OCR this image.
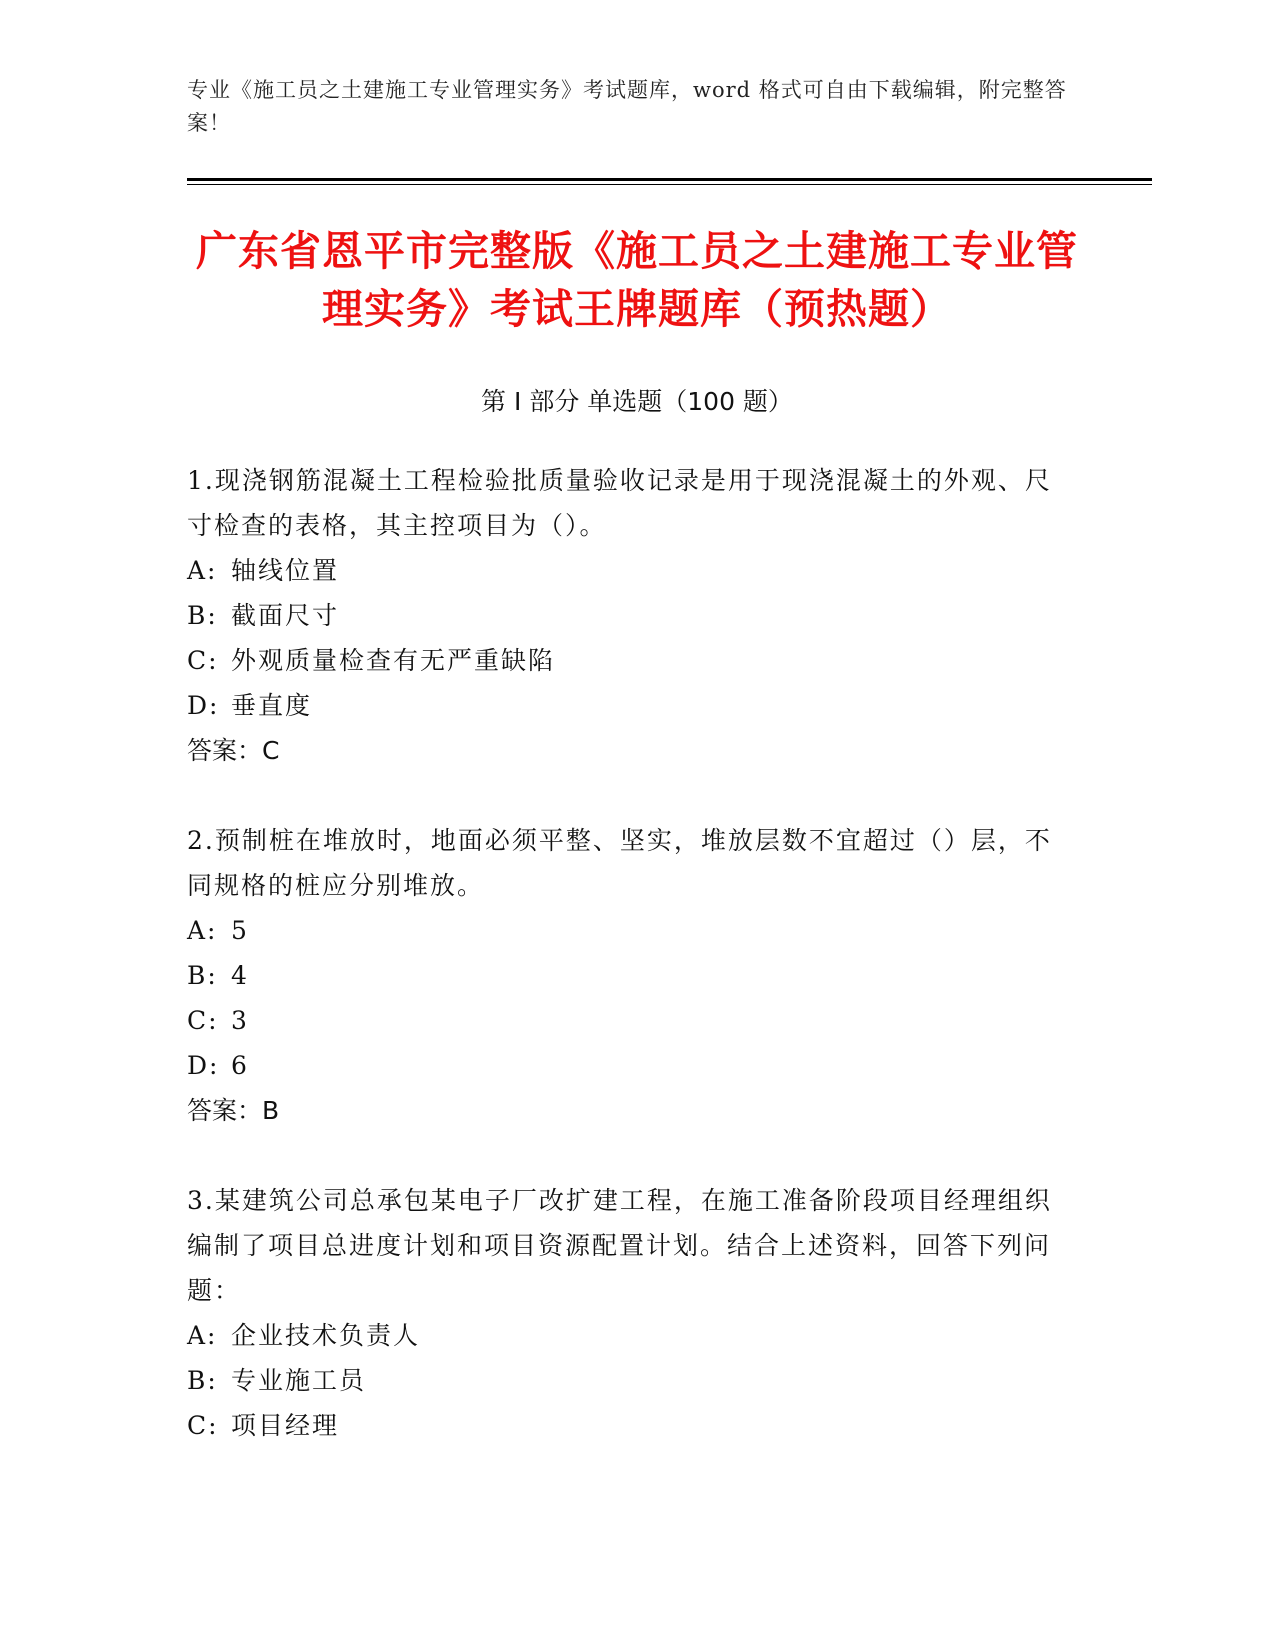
专业《施工员之土建施工专业管理实务》考试题库，word 格式可自由下载编辑，附完整答案！
广东省恩平市完整版《施工员之土建施工专业管理实务》考试王牌题库（预热题）
第 I 部分 单选题（100 题）

1.现浇钢筋混凝土工程检验批质量验收记录是用于现浇混凝土的外观、尺寸检查的表格，其主控项目为（）。

A: 轴线位置
B: 截面尺寸
C: 外观质量检查有无严重缺陷
D: 垂直度
答案：C

2.预制桩在堆放时，地面必须平整、坚实，堆放层数不宜超过（）层，不同规格的桩应分别堆放。

A: 5
B: 4
C: 3
D: 6
答案：B

3.某建筑公司总承包某电子厂改扩建工程，在施工准备阶段项目经理组织编制了项目总进度计划和项目资源配置计划。结合上述资料，回答下列问题：

A: 企业技术负责人
B: 专业施工员
C: 项目经理
